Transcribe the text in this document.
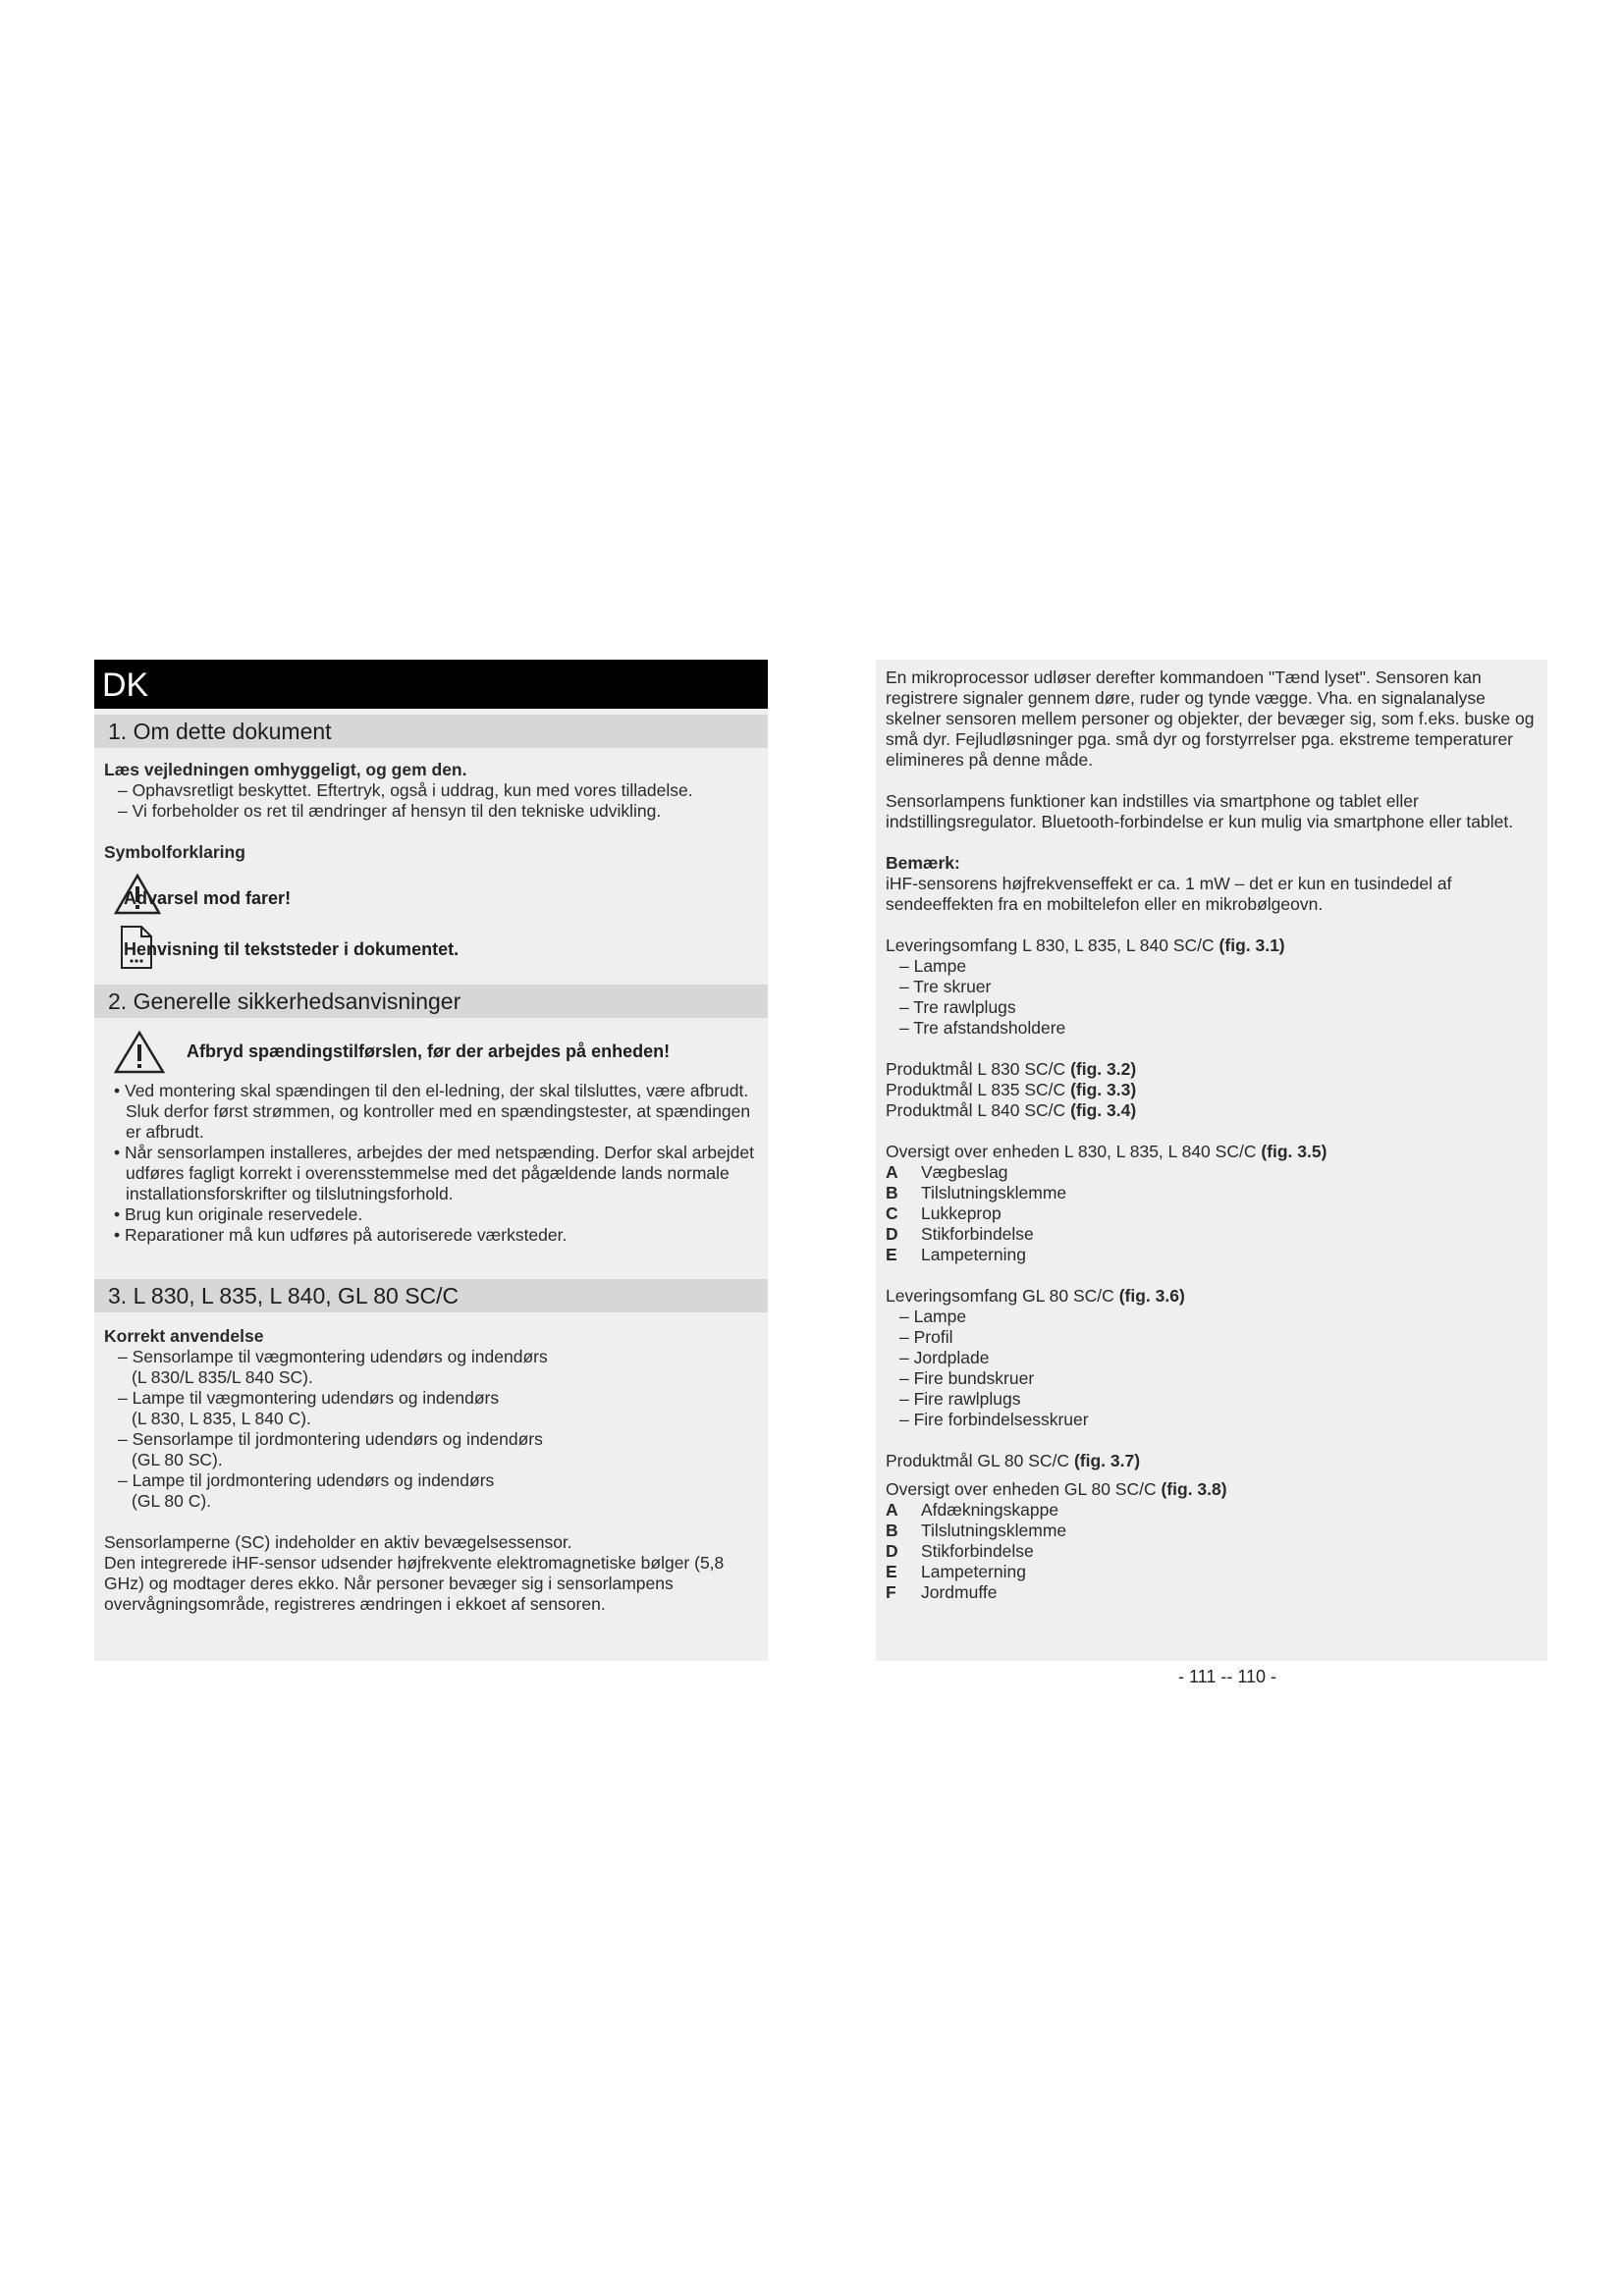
DK
1. Om dette dokument
Læs vejledningen omhyggeligt, og gem den.
– Ophavsretligt beskyttet. Eftertryk, også i uddrag, kun med vores tilladelse.
– Vi forbeholder os ret til ændringer af hensyn til den tekniske udvikling.
Symbolforklaring
Advarsel mod farer!
Henvisning til tekststeder i dokumentet.
2. Generelle sikkerhedsanvisninger
Afbryd spændingstilførslen, før der arbejdes på enheden!
• Ved montering skal spændingen til den el-ledning, der skal tilsluttes, være afbrudt. Sluk derfor først strømmen, og kontroller med en spændingstester, at spændingen er afbrudt.
• Når sensorlampen installeres, arbejdes der med netspænding. Derfor skal arbejdet udføres fagligt korrekt i overensstemmelse med det pågældende lands normale installationsforskrifter og tilslutningsforhold.
• Brug kun originale reservedele.
• Reparationer må kun udføres på autoriserede værksteder.
3. L 830, L 835, L 840, GL 80 SC/C
Korrekt anvendelse
– Sensorlampe til vægmontering udendørs og indendørs
(L 830/L 835/L 840 SC).
– Lampe til vægmontering udendørs og indendørs
(L 830, L 835, L 840 C).
– Sensorlampe til jordmontering udendørs og indendørs
(GL 80 SC).
– Lampe til jordmontering udendørs og indendørs
(GL 80 C).
Sensorlamperne (SC) indeholder en aktiv bevægelsessensor.
Den integrerede iHF-sensor udsender højfrekvente elektromagnetiske bølger (5,8 GHz) og modtager deres ekko. Når personer bevæger sig i sensorlampens overvågningsområde, registreres ændringen i ekkoet af sensoren.
En mikroprocessor udløser derefter kommandoen "Tænd lyset". Sensoren kan registrere signaler gennem døre, ruder og tynde vægge. Vha. en signalanalyse skelner sensoren mellem personer og objekter, der bevæger sig, som f.eks. buske og små dyr. Fejludløsninger pga. små dyr og forstyrrelser pga. ekstreme temperaturer elimineres på denne måde.
Sensorlampens funktioner kan indstilles via smartphone og tablet eller indstillingsregulator. Bluetooth-forbindelse er kun mulig via smartphone eller tablet.
Bemærk:
iHF-sensorens højfrekvenseffekt er ca. 1 mW – det er kun en tusindedel af sendeeffekten fra en mobiltelefon eller en mikrobølgeovn.
Leveringsomfang L 830, L 835, L 840 SC/C (fig. 3.1)
– Lampe
– Tre skruer
– Tre rawlplugs
– Tre afstandsholdere
Produktmål L 830 SC/C (fig. 3.2)
Produktmål L 835 SC/C (fig. 3.3)
Produktmål L 840 SC/C (fig. 3.4)
Oversigt over enheden L 830, L 835, L 840 SC/C (fig. 3.5)
A Vægbeslag
B Tilslutningsklemme
C Lukkeprop
D Stikforbindelse
E Lampeterning
Leveringsomfang GL 80 SC/C (fig. 3.6)
– Lampe
– Profil
– Jordplade
– Fire bundskruer
– Fire rawlplugs
– Fire forbindelsesskruer
Produktmål GL 80 SC/C (fig. 3.7)
Oversigt over enheden GL 80 SC/C (fig. 3.8)
A Afdækningskappe
B Tilslutningsklemme
D Stikforbindelse
E Lampeterning
F Jordmuffe
- 111 -- 110 -
